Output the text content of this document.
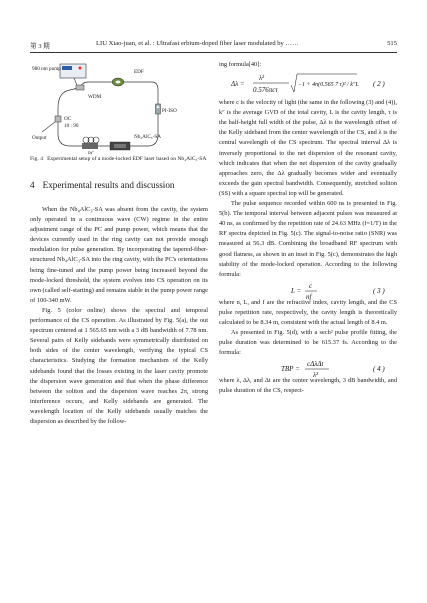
第 3 期	LIU Xiao-juan, et al. : Ultrafast erbium-doped fiber laser modulated by ……	515
980 nm pump	EDF
WDM
PI-ISO
OC
10 : 90
Output	Nb₄AlC₃-SA
PC
Fig. 4 Experimental setup of a mode-locked EDF laser based on Nb₄AlC₃-SA
4 Experimental results and discussion

When the Nb₄AlC₃-SA was absent from the cavity, the system only operated in a continuous wave (CW) regime in the entire adjustment range of the PC and pump power, which means that the devices currently used in the ring cavity can not provide enough modulation for pulse generation. By incorporating the tapered-fiber-structured Nb₄AlC₃-SA into the ring cavity, with the PC's orientations being fine-tuned and the pump power being increased beyond the mode-locked threshold, the system evolves into CS operation on its own (called self-starting) and remains stable in the pump power range of 100-340 mW.

Fig. 5 (color online) shows the spectral and temporal performance of the CS operation. As illustrated by Fig. 5(a), the out spectrum centered at 1 565.65 nm with a 3 dB bandwidth of 7.78 nm. Several pairs of Kelly sidebands were symmetrically distributed on both sides of the center wavelength, verifying the typical CS characteristics. Studying the formation mechanism of the Kelly sidebands found that the losses existing in the laser cavity promote the dispersion wave generation and that when the phase difference between the soliton and the dispersion wave reaches 2π, strong interference occurs, and Kelly sidebands are generated. The wavelength location of the Kelly sidebands usually matches the dispersion as described by the follow-

ing formula[40]:

Δλ =
λ²
0.576πcτ
−1 + 4n(0.565 7 τ)² / k″L ( 2 )

where c is the velocity of light (the same in the following (3) and (4)), k″ is the average GVD of the total cavity, L is the cavity length, τ is the half-height full width of the pulse, Δλ is the wavelength offset of the Kelly sideband from the center wavelength of the CS, and λ is the central wavelength of the CS spectrum. The spectral interval Δλ is inversely proportional to the net dispersion of the resonant cavity, which indicates that when the net dispersion of the cavity gradually approaches zero, the Δλ gradually becomes wider and eventually exceeds the gain spectral bandwidth. Consequently, stretched soliton (SS) with a square spectral top will be generated.

The pulse sequence recorded within 600 ns is presented in Fig. 5(b). The temporal interval between adjacent pulses was measured at 40 ns, as confirmed by the repetition rate of 24.63 MHz (f=1/T) in the RF spectra depicted in Fig. 5(c). The signal-to-noise ratio (SNR) was measured at 56.3 dB. Combining the broadband RF spectrum with good flatness, as shown in an inset in Fig. 5(c), demonstrates the high stability of the mode-locked operation. According to the following formula:

L =
c
nf
( 3 )

where n, L, and f are the refractive index, cavity length, and the CS pulse repetition rate, respectively, the cavity length is theoretically calculated to be 8.34 m, consistent with the actual length of 8.4 m.

As presented in Fig. 5(d), with a sech² pulse profile fitting, the pulse duration was determined to be 615.37 fs. According to the formula:

TBP =
cΔλΔt
λ²
( 4 )

where λ, Δλ, and Δt are the center wavelength, 3 dB bandwidth, and pulse duration of the CS, respect-
